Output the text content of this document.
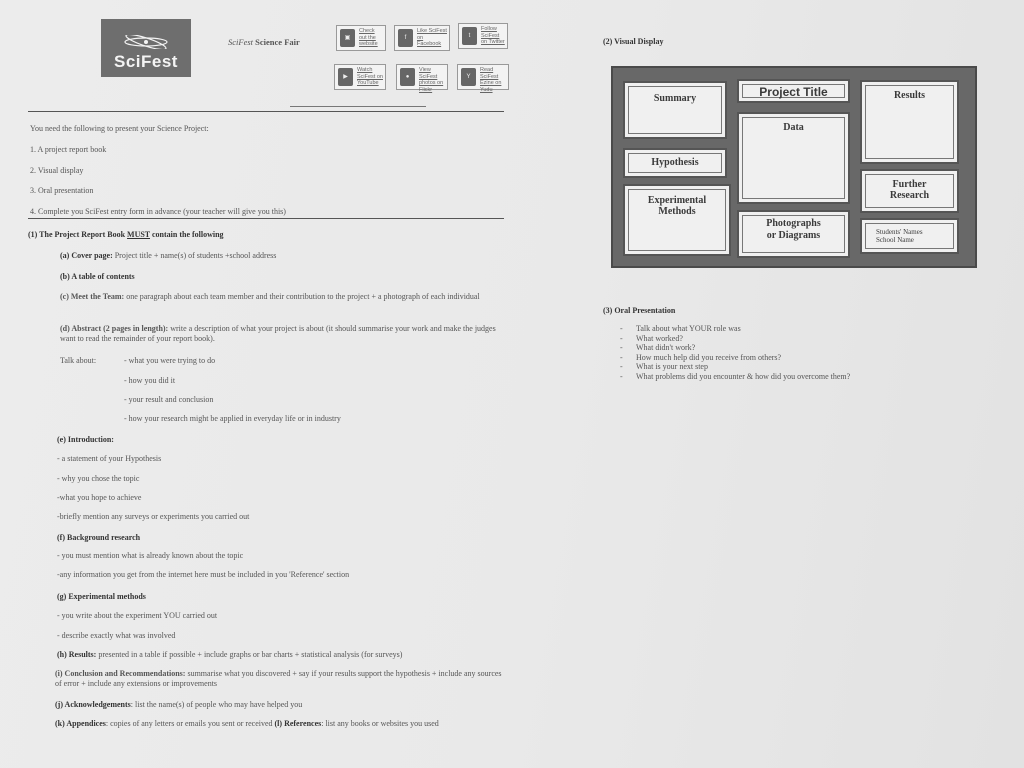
SciFest
SciFest Science Fair	▣
Check out the website
f
Like SciFest on Facebook
t
Follow SciFest on Twitter
▶
Watch SciFest on YouTube
●
View SciFest photos on Flickr
Y
Read SciFest Ezine on Yudu
You need the following to present your Science Project:
1. A project report book
2. Visual display
3. Oral presentation
4. Complete you SciFest entry form in advance (your teacher will give you this)
(1) The Project Report Book MUST contain the following
(a) Cover page: Project title + name(s) of students +school address
(b) A table of contents
(c) Meet the Team: one paragraph about each team member and their contribution to the project + a photograph of each individual
(d) Abstract (2 pages in length): write a description of what your project is about (it should summarise your work and make the judges want to read the remainder of your report book).
Talk about:	- what you were trying to do
- how you did it
- your result and conclusion
- how your research might be applied in everyday life or in industry
(e) Introduction:
- a statement of your Hypothesis
- why you chose the topic
-what you hope to achieve
-briefly mention any surveys or experiments you carried out
(f) Background research
- you must mention what is already known about the topic
-any information you get from the internet here must be included in you 'Reference' section
(g) Experimental methods
- you write about the experiment YOU carried out
- describe exactly what was involved
(h) Results: presented in a table if possible + include graphs or bar charts + statistical analysis (for surveys)
(i) Conclusion and Recommendations: summarise what you discovered + say if your results support the hypothesis + include any sources of error + include any extensions or improvements
(j) Acknowledgements: list the name(s) of people who may have helped you
(k) Appendices: copies of any letters or emails you sent or received (l) References: list any books or websites you used
(2) Visual Display
Summary	Project Title	Results
Data
Hypothesis
Further Research
Experimental Methods
Photographs or Diagrams	Students' Names
School Name
(3) Oral Presentation
- Talk about what YOUR role was
- What worked?
- What didn't work?
- How much help did you receive from others?
- What is your next step
- What problems did you encounter & how did you overcome them?
